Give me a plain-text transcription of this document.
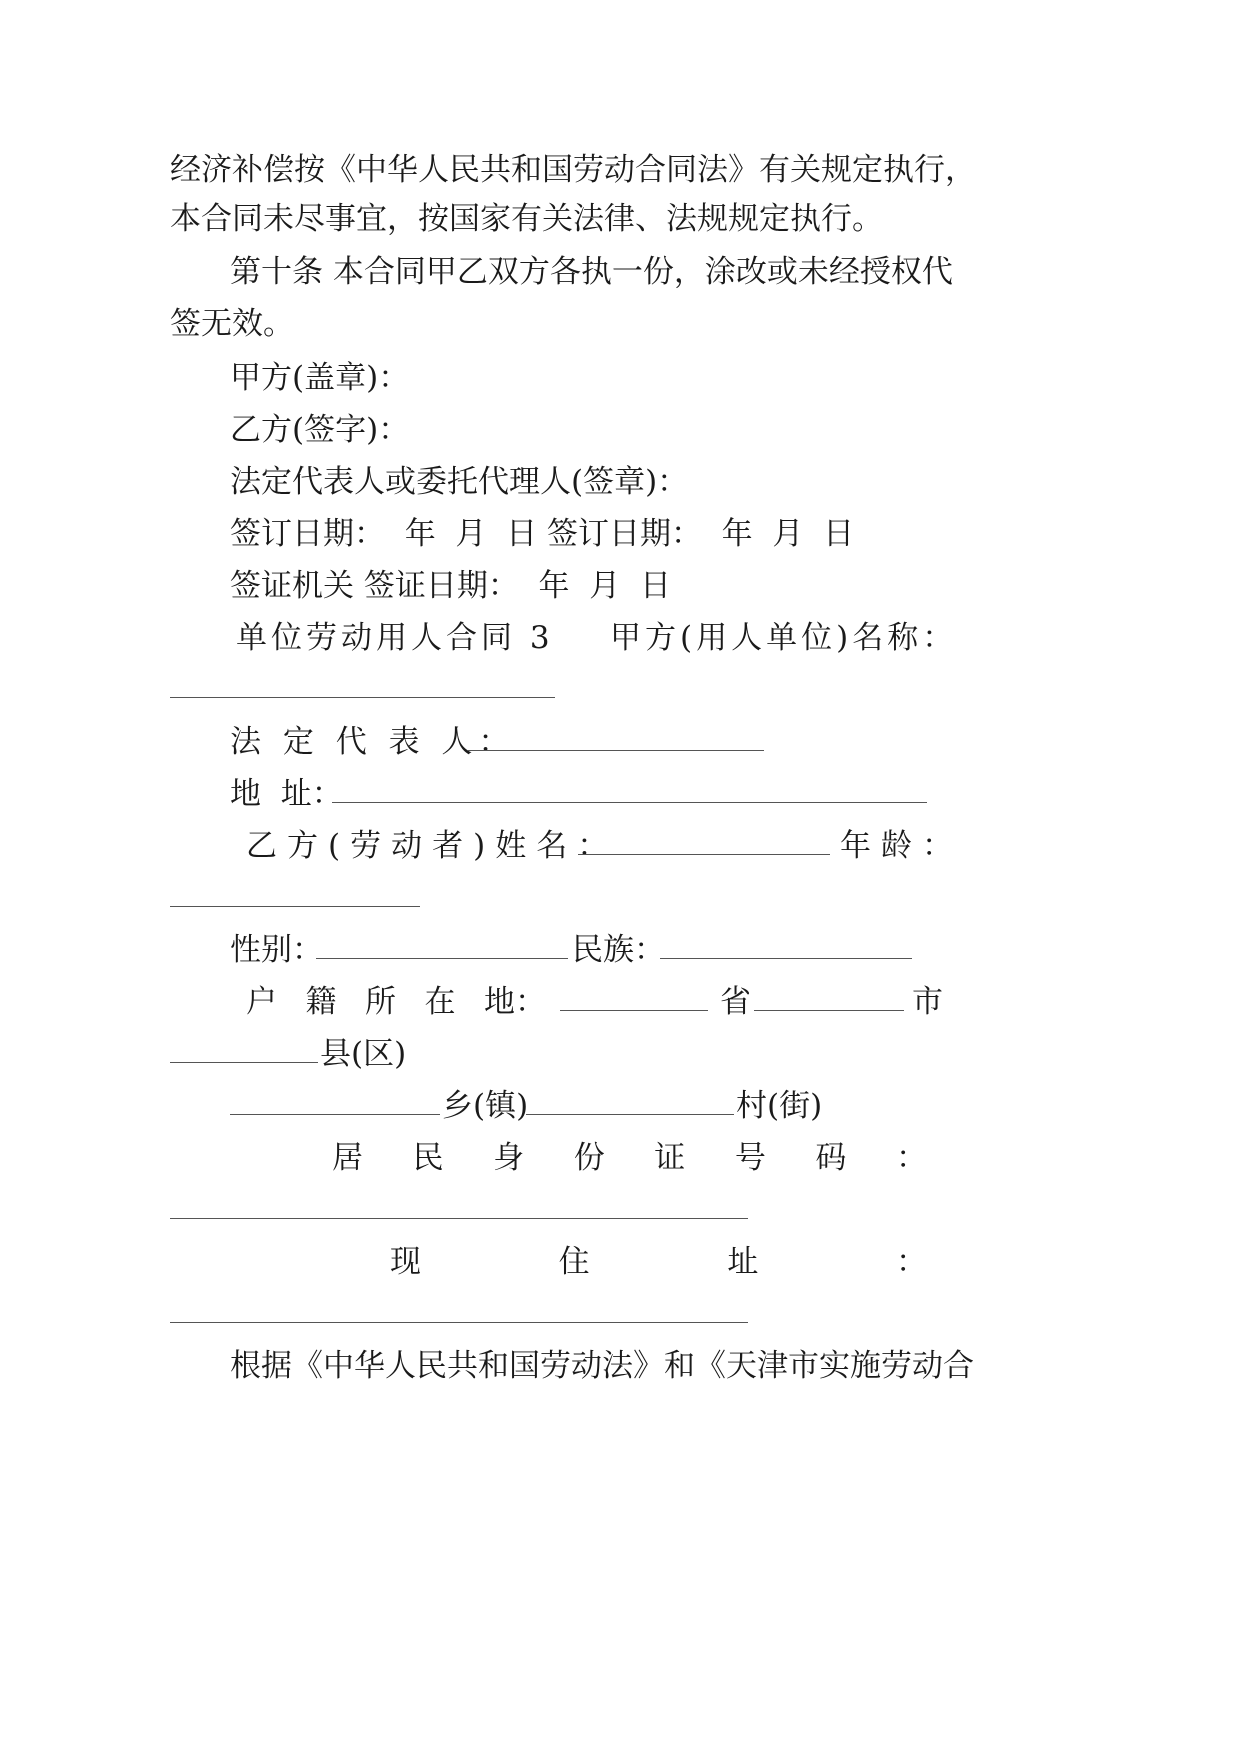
经济补偿按《中华人民共和国劳动合同法》有关规定执行，
本合同未尽事宜，按国家有关法律、法规规定执行。
第十条 本合同甲乙双方各执一份，涂改或未经授权代
签无效。
甲方(盖章)：
乙方(签字)：
法定代表人或委托代理人(签章)：
签订日期：  年  月  日 签订日期：  年  月  日
签证机关 签证日期：  年  月  日
单位劳动用人合同 3 甲方(用人单位)名称：
法 定 代 表 人：
地  址：
乙方(劳动者)姓名：	年龄：
性别：	民族：
户 籍 所 在 地：	省	市
县(区)
乡(镇)	村(街)
居 民 身 份 证 号 码 ：
现	住	址	：
根据《中华人民共和国劳动法》和《天津市实施劳动合
